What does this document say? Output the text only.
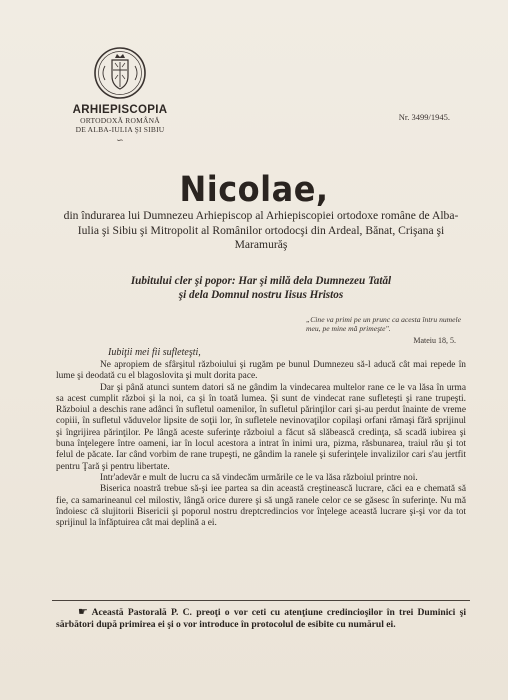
ARHIEPISCOPIA
ORTODOXĂ ROMÂNĂ
DE ALBA-IULIA ŞI SIBIU
∽
Nr. 3499/1945.
Nicolae,
din îndurarea lui Dumnezeu Arhiepiscop al Arhiepiscopiei ortodoxe române de Alba-Iulia şi Sibiu şi Mitropolit al Românilor ortodocşi din Ardeal, Bănat, Crişana şi Maramurăş
Iubitului cler şi popor: Har şi milă dela Dumnezeu Tatăl
şi dela Domnul nostru Iisus Hristos
„Cine va primi pe un prunc ca acesta întru numele meu, pe mine mă primeşte".
Mateiu 18, 5.
Iubiţii mei fii sufleteşti,

Ne apropiem de sfârşitul războiului şi rugăm pe bunul Dumnezeu să-l aducă cât mai repede în lume şi deodată cu el blagoslovita şi mult dorita pace.

Dar şi până atunci suntem datori să ne gândim la vindecarea multelor rane ce le va lăsa în urma sa acest cumplit război şi la noi, ca şi în toată lumea. Şi sunt de vindecat rane sufleteşti şi rane trupeşti. Războiul a deschis rane adânci în sufletul oamenilor, în sufletul părinţilor cari şi-au perdut înainte de vreme copiii, în sufletul văduvelor lipsite de soţii lor, în sufletele nevinovaţilor copilaşi orfani rămaşi fără sprijinul şi îngrijirea părinţilor. Pe lângă aceste suferinţe războiul a făcut să slăbească credinţa, să scadă iubirea şi buna înţelegere între oameni, iar în locul acestora a intrat în inimi ura, pizma, răsbunarea, traiul rău şi tot felul de păcate. Iar când vorbim de rane trupeşti, ne gândim la ranele şi suferinţele invalizilor cari s'au jertfit pentru Ţară şi pentru libertate.

Intr'adevăr e mult de lucru ca să vindecăm urmările ce le va lăsa războiul printre noi.

Biserica noastră trebue să-şi iee partea sa din această creştinească lucrare, căci ea e chemată să fie, ca samarineanul cel milostiv, lângă orice durere şi să ungă ranele celor ce se găsesc în suferinţe. Nu mă îndoiesc că slujitorii Bisericii şi poporul nostru dreptcredincios vor înţelege această lucrare şi-şi vor da tot sprijinul la înfăptuirea cât mai deplină a ei.

☛ Această Pastorală P. C. preoţi o vor ceti cu atenţiune credincioşilor în trei Duminici şi sărbători după primirea ei şi o vor introduce în protocolul de esibite cu numărul ei.
